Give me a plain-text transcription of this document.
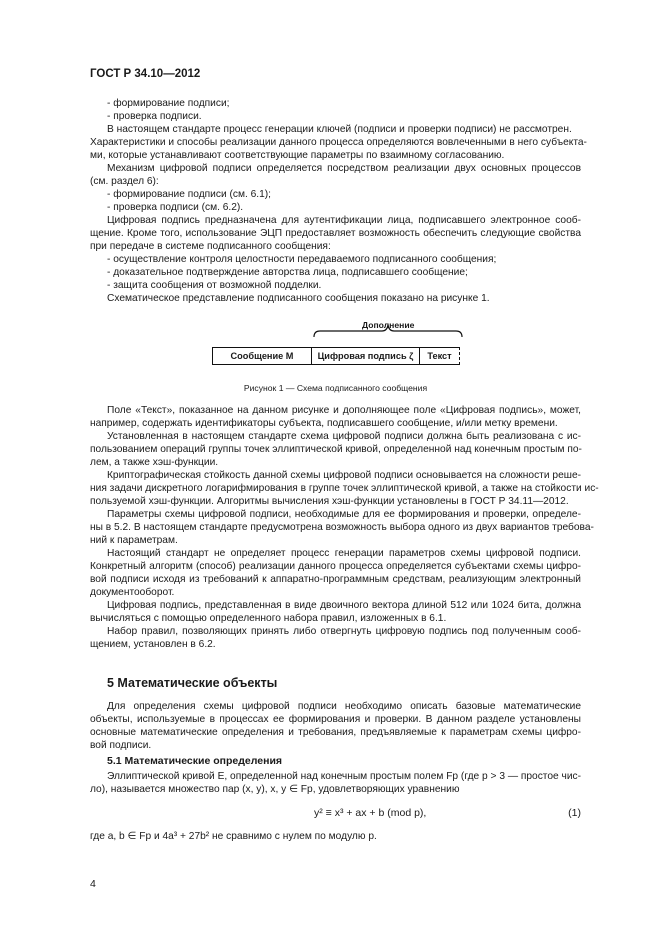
ГОСТ Р 34.10—2012
- формирование подписи;
- проверка подписи.
В настоящем стандарте процесс генерации ключей (подписи и проверки подписи) не рассмотрен.
Характеристики и способы реализации данного процесса определяются вовлеченными в него субъекта-
ми, которые устанавливают соответствующие параметры по взаимному согласованию.
Механизм цифровой подписи определяется посредством реализации двух основных процессов
(см. раздел 6):
- формирование подписи (см. 6.1);
- проверка подписи (см. 6.2).
Цифровая подпись предназначена для аутентификации лица, подписавшего электронное сооб-
щение. Кроме того, использование ЭЦП предоставляет возможность обеспечить следующие свойства
при передаче в системе подписанного сообщения:
- осуществление контроля целостности передаваемого подписанного сообщения;
- доказательное подтверждение авторства лица, подписавшего сообщение;
- защита сообщения от возможной подделки.
Схематическое представление подписанного сообщения показано на рисунке 1.
Дополнение
Сообщение M	Цифровая подпись ζ	Текст
Рисунок 1 — Схема подписанного сообщения
Поле «Текст», показанное на данном рисунке и дополняющее поле «Цифровая подпись», может,
например, содержать идентификаторы субъекта, подписавшего сообщение, и/или метку времени.
Установленная в настоящем стандарте схема цифровой подписи должна быть реализована с ис-
пользованием операций группы точек эллиптической кривой, определенной над конечным простым по-
лем, а также хэш-функции.
Криптографическая стойкость данной схемы цифровой подписи основывается на сложности реше-
ния задачи дискретного логарифмирования в группе точек эллиптической кривой, а также на стойкости ис-
пользуемой хэш-функции. Алгоритмы вычисления хэш-функции установлены в ГОСТ Р 34.11—2012.
Параметры схемы цифровой подписи, необходимые для ее формирования и проверки, определе-
ны в 5.2. В настоящем стандарте предусмотрена возможность выбора одного из двух вариантов требова-
ний к параметрам.
Настоящий стандарт не определяет процесс генерации параметров схемы цифровой подписи.
Конкретный алгоритм (способ) реализации данного процесса определяется субъектами схемы цифро-
вой подписи исходя из требований к аппаратно-программным средствам, реализующим электронный
документооборот.
Цифровая подпись, представленная в виде двоичного вектора длиной 512 или 1024 бита, должна
вычисляться с помощью определенного набора правил, изложенных в 6.1.
Набор правил, позволяющих принять либо отвергнуть цифровую подпись под полученным сооб-
щением, установлен в 6.2.
5 Математические объекты
Для определения схемы цифровой подписи необходимо описать базовые математические
объекты, используемые в процессах ее формирования и проверки. В данном разделе установлены
основные математические определения и требования, предъявляемые к параметрам схемы цифро-
вой подписи.
5.1 Математические определения
Эллиптической кривой E, определенной над конечным простым полем Fp (где p > 3 — простое чис-
ло), называется множество пар (x, y), x, y ∈ Fp, удовлетворяющих уравнению
y² ≡ x³ + ax + b (mod p),	(1)
где a, b ∈ Fp и 4a³ + 27b² не сравнимо с нулем по модулю p.
4
